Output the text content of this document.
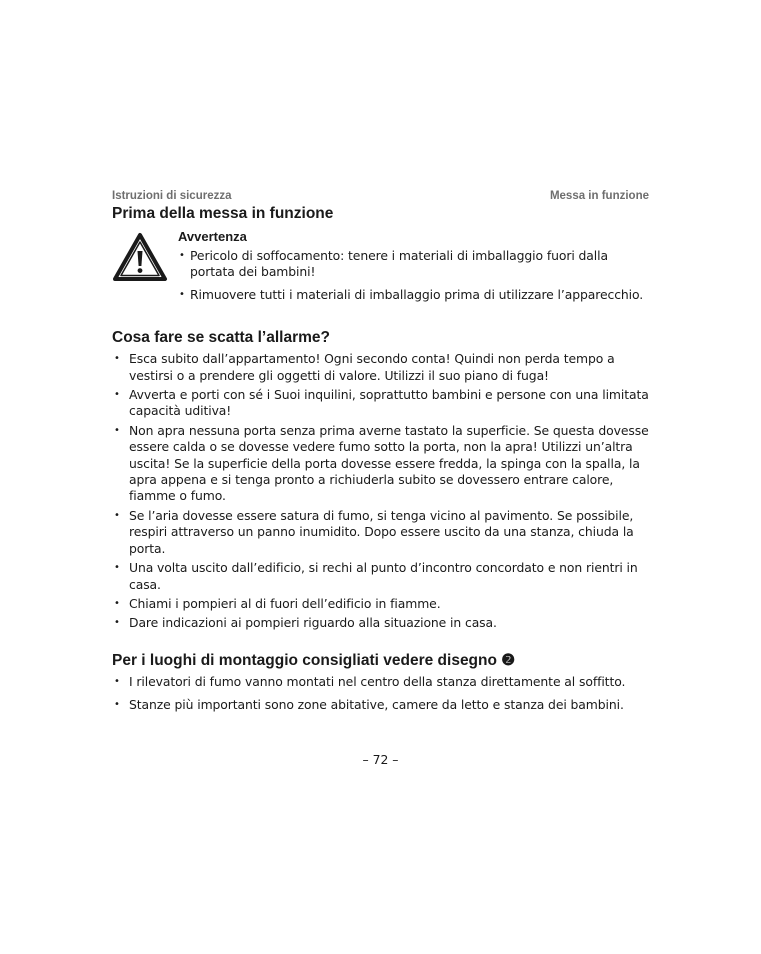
Istruzioni di sicurezza	Messa in funzione
Prima della messa in funzione
Avvertenza
• Pericolo di soffocamento: tenere i materiali di imballaggio fuori dalla portata dei bambini!
• Rimuovere tutti i materiali di imballaggio prima di utilizzare l’apparecchio.
Cosa fare se scatta l’allarme?
• Esca subito dall’appartamento! Ogni secondo conta! Quindi non perda tempo a vestirsi o a prendere gli oggetti di valore. Utilizzi il suo piano di fuga!
• Avverta e porti con sé i Suoi inquilini, soprattutto bambini e persone con una limitata capacità uditiva!
• Non apra nessuna porta senza prima averne tastato la superficie. Se questa dovesse essere calda o se dovesse vedere fumo sotto la porta, non la apra! Utilizzi un’altra uscita! Se la superficie della porta dovesse essere fredda, la spinga con la spalla, la apra appena e si tenga pronto a richiuderla subito se dovessero entrare calore, fiamme o fumo.
• Se l’aria dovesse essere satura di fumo, si tenga vicino al pavimento. Se possibile, respiri attraverso un panno inumidito. Dopo essere uscito da una stanza, chiuda la porta.
• Una volta uscito dall’edificio, si rechi al punto d’incontro concordato e non rientri in casa.
• Chiami i pompieri al di fuori dell’edificio in fiamme.
• Dare indicazioni ai pompieri riguardo alla situazione in casa.
Per i luoghi di montaggio consigliati vedere disegno ❷
• I rilevatori di fumo vanno montati nel centro della stanza direttamente al soffitto.
• Stanze più importanti sono zone abitative, camere da letto e stanza dei bambini.
– 72 –
